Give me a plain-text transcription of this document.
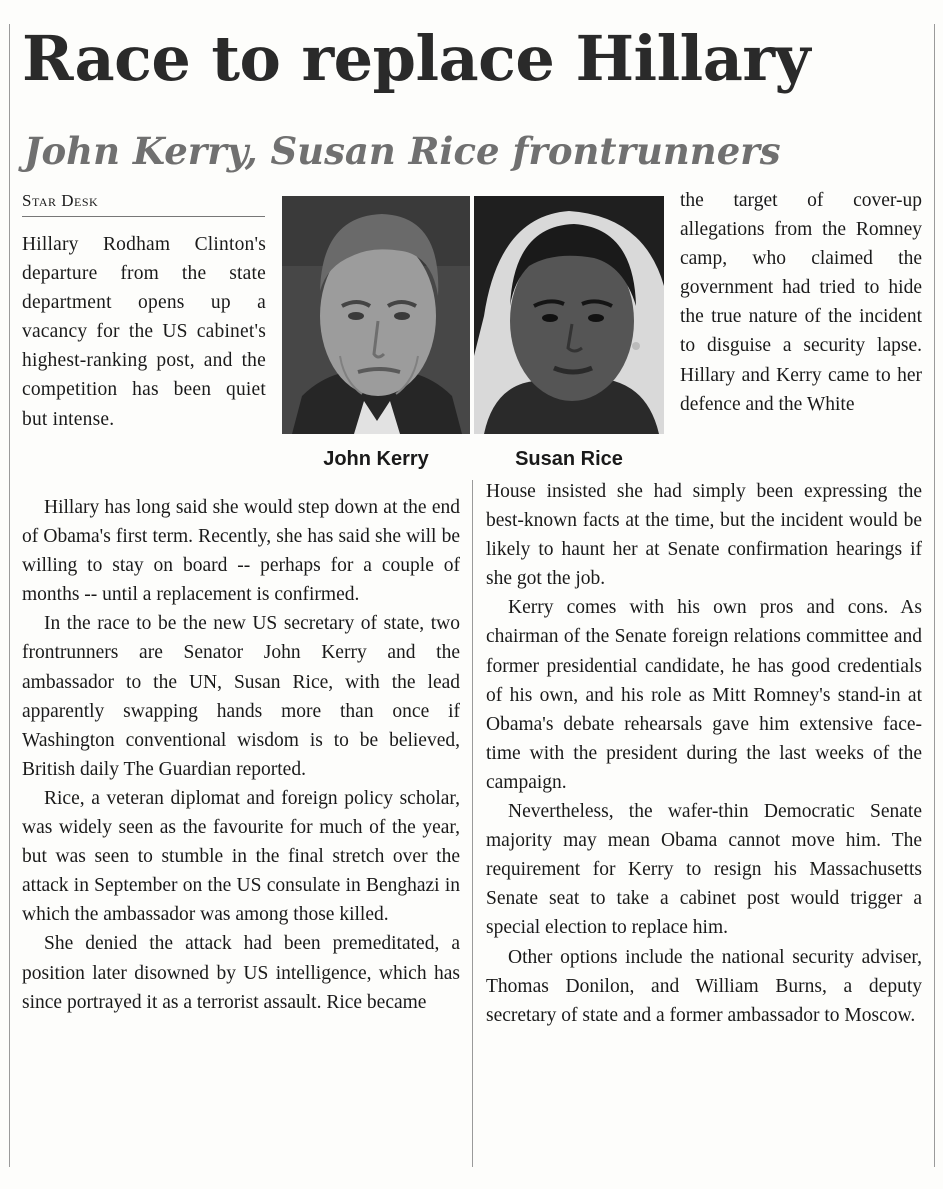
Race to replace Hillary
John Kerry, Susan Rice frontrunners
Star Desk

Hillary Rodham Clinton's departure from the state department opens up a vacancy for the US cabinet's highest-ranking post, and the competition has been quiet but intense.

John Kerry	Susan Rice

Hillary has long said she would step down at the end of Obama's first term. Recently, she has said she will be willing to stay on board -- perhaps for a couple of months -- until a replacement is confirmed.

In the race to be the new US secretary of state, two frontrunners are Senator John Kerry and the ambassador to the UN, Susan Rice, with the lead apparently swapping hands more than once if Washington conventional wisdom is to be believed, British daily The Guardian reported.

Rice, a veteran diplomat and foreign policy scholar, was widely seen as the favourite for much of the year, but was seen to stumble in the final stretch over the attack in September on the US consulate in Benghazi in which the ambassador was among those killed.

She denied the attack had been premeditated, a position later disowned by US intelligence, which has since portrayed it as a terrorist assault. Rice became

the target of cover-up allegations from the Romney camp, who claimed the government had tried to hide the true nature of the incident to disguise a security lapse. Hillary and Kerry came to her defence and the White

House insisted she had simply been expressing the best-known facts at the time, but the incident would be likely to haunt her at Senate confirmation hearings if she got the job.

Kerry comes with his own pros and cons. As chairman of the Senate foreign relations committee and former presidential candidate, he has good credentials of his own, and his role as Mitt Romney's stand-in at Obama's debate rehearsals gave him extensive face-time with the president during the last weeks of the campaign.

Nevertheless, the wafer-thin Democratic Senate majority may mean Obama cannot move him. The requirement for Kerry to resign his Massachusetts Senate seat to take a cabinet post would trigger a special election to replace him.

Other options include the national security adviser, Thomas Donilon, and William Burns, a deputy secretary of state and a former ambassador to Moscow.
